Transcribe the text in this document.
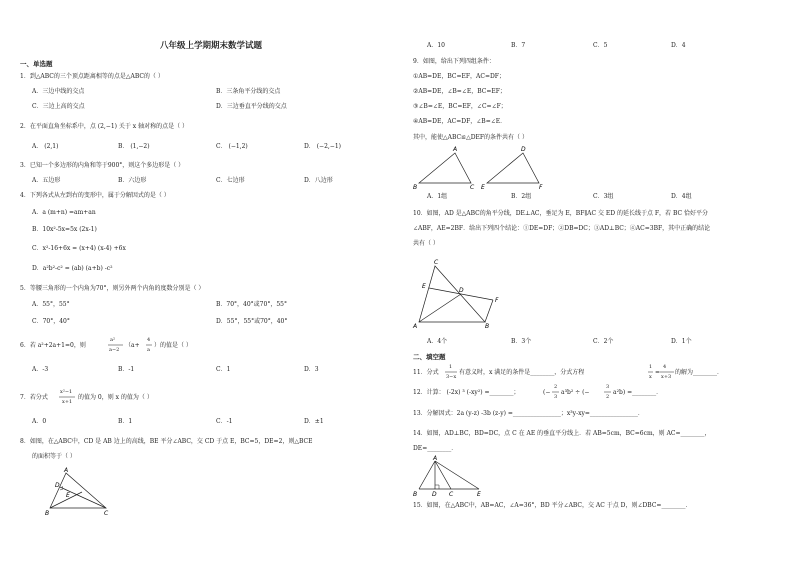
八年级上学期期末数学试题
一、单选题
1．到△ABC的三个顶点距离相等的点是△ABC的（ ）
A．三边中线的交点	B．三条角平分线的交点
C．三边上高的交点	D．三边垂直平分线的交点
2．在平面直角坐标系中，点 (2,−1) 关于 x 轴对称的点是（ ）
A． (2,1)	B． (1,−2)	C． (−1,2)	D． (−2,−1)
3．已知一个多边形的内角和等于900°，则这个多边形是（ ）
A．五边形	B．六边形	C．七边形	D．八边形
4．下列各式从左到右的变形中，属于分解因式的是（ ）
A．a (m+n) =am+an
B．10x²-5x=5x (2x-1)
C．x²-16+6x = (x+4) (x-4) +6x
D．a²b²-c² = (ab) (a+b) -c²
5．等腰三角形的一个内角为70°，则另外两个内角的度数分别是（ ）
A．55°，55°	B．70°，40°或70°，55°
C．70°，40°	D．55°，55°或70°，40°
6．若 a²+2a+1=0，则
a²
a−2
（a+
4
a
）的值是（ ）
A．-3	B．-1	C．1	D．3
7．若分式
x²−1
x+1
的值为 0，则 x 的值为（ ）
A．0	B．1	C．-1	D．±1
8．如图，在△ABC中，CD 是 AB 边上的高线，BE 平分∠ABC，交 CD 于点 E，BC=5，DE=2，则△BCE
的面积等于（ ）
A
D
E
B	C
A．10	B．7	C．5	D．4
9．如图，给出下列四组条件：
①AB=DE，BC=EF，AC=DF；
②AB=DE，∠B=∠E，BC=EF；
③∠B=∠E，BC=EF，∠C=∠F；
④AB=DE，AC=DF，∠B=∠E．
其中，能使△ABC≌△DEF的条件共有（ ）
A
B	C
D
E	F
A．1组	B．2组	C．3组	D．4组
10．如图，AD 是△ABC的角平分线，DE⊥AC，垂足为 E，BF∥AC 交 ED 的延长线于点 F，若 BC 恰好平分
∠ABF，AE=2BF．给出下列四个结论：①DE=DF；②DB=DC；③AD⊥BC；④AC=3BF，其中正确的结论
共有（ ）
C
E
D
F
A	B
A．4个	B．3个	C．2个	D．1个
二、填空题
11．分式
1
3−x
有意义时，x 满足的条件是________，分式方程
1
x
=
4
x+3
的解为________．
12．计算： (-2x) ³ (-xy²) =________；	(−
2
3
a³b² ÷ (−
3
2
a²b) =________．
13．分解因式：2a (y-z) -3b (z-y) =________________；x³y-xy=________________．
14．如图，AD⊥BC，BD=DC，点 C 在 AE 的垂直平分线上．若 AB=5cm，BC=6cm，则 AC=________，
DE=________．
A
B D C	E
15．如图，在△ABC中，AB=AC，∠A=36°，BD 平分∠ABC，交 AC 于点 D，则∠DBC=________．
